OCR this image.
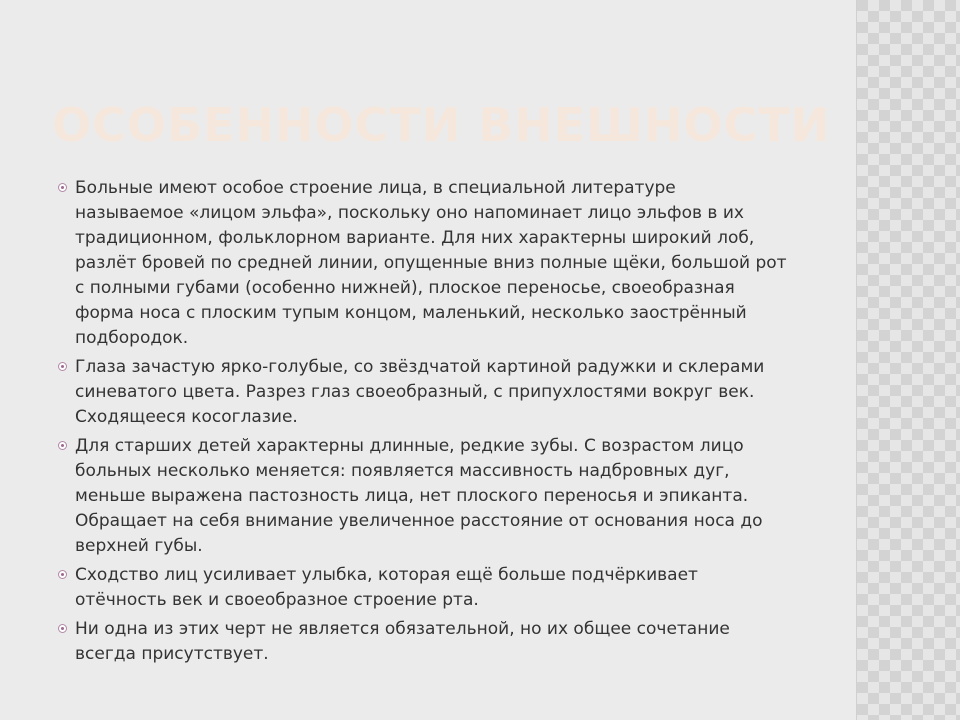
ОСОБЕННОСТИ ВНЕШНОСТИ
Больные имеют особое строение лица, в специальной литературе называемое «лицом эльфа», поскольку оно напоминает лицо эльфов в их традиционном, фольклорном варианте. Для них характерны широкий лоб, разлёт бровей по средней линии, опущенные вниз полные щёки, большой рот с полными губами (особенно нижней), плоское переносье, своеобразная форма носа с плоским тупым концом, маленький, несколько заострённый подбородок.
Глаза зачастую ярко-голубые, со звёздчатой картиной радужки и склерами синеватого цвета. Разрез глаз своеобразный, с припухлостями вокруг век. Сходящееся косоглазие.
Для старших детей характерны длинные, редкие зубы. С возрастом лицо больных несколько меняется: появляется массивность надбровных дуг, меньше выражена пастозность лица, нет плоского переносья и эпиканта. Обращает на себя внимание увеличенное расстояние от основания носа до верхней губы.
Сходство лиц усиливает улыбка, которая ещё больше подчёркивает отёчность век и своеобразное строение рта.
Ни одна из этих черт не является обязательной, но их общее сочетание всегда присутствует.
